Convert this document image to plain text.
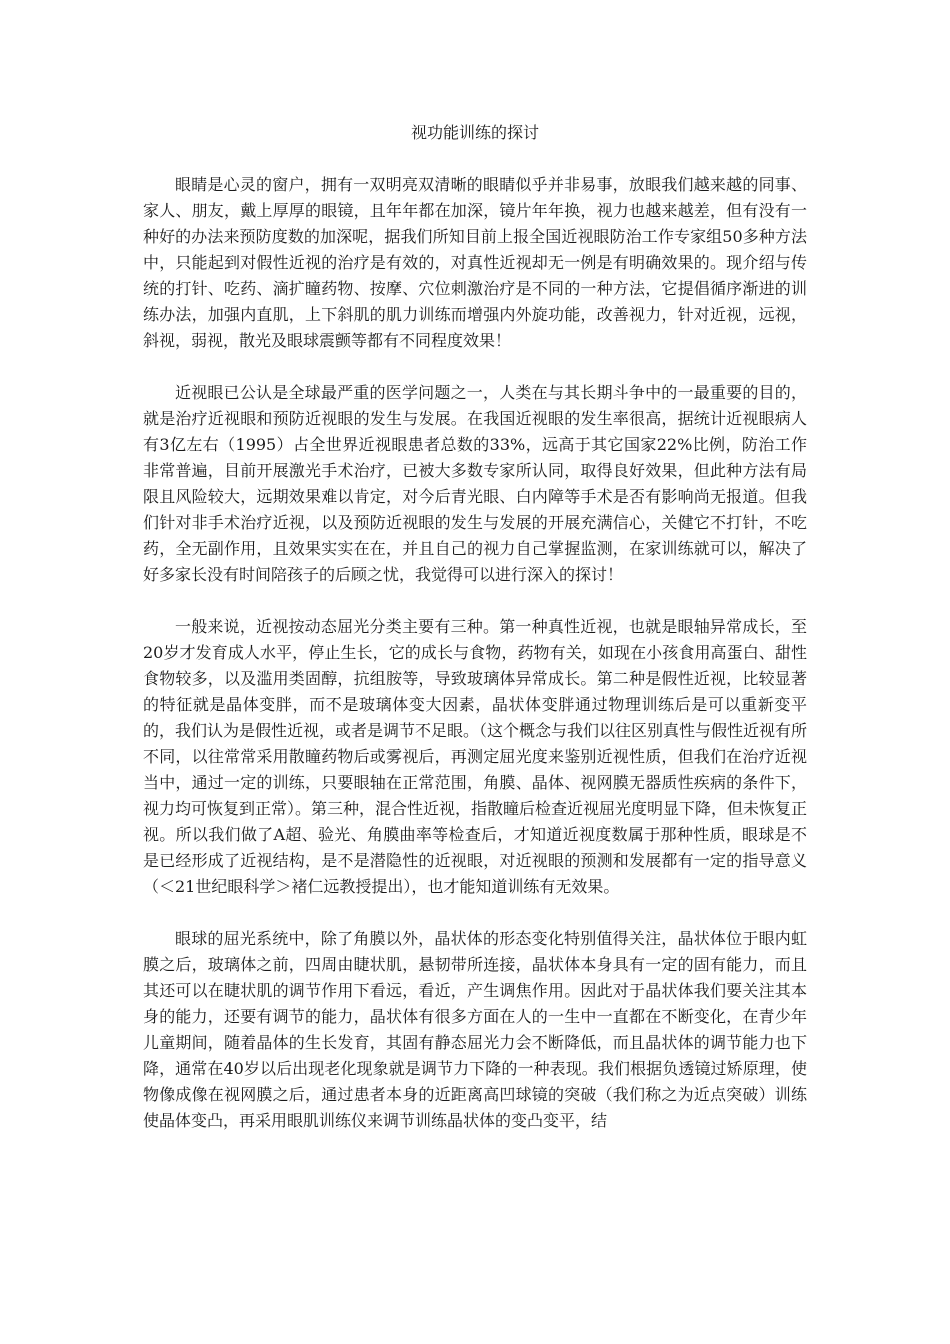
视功能训练的探讨

眼睛是心灵的窗户，拥有一双明亮双清晰的眼睛似乎并非易事，放眼我们越来越的同事、家人、朋友，戴上厚厚的眼镜，且年年都在加深，镜片年年换，视力也越来越差，但有没有一种好的办法来预防度数的加深呢，据我们所知目前上报全国近视眼防治工作专家组50多种方法中，只能起到对假性近视的治疗是有效的，对真性近视却无一例是有明确效果的。现介绍与传统的打针、吃药、滴扩瞳药物、按摩、穴位刺激治疗是不同的一种方法，它提倡循序渐进的训练办法，加强内直肌，上下斜肌的肌力训练而增强内外旋功能，改善视力，针对近视，远视，斜视，弱视，散光及眼球震颤等都有不同程度效果！

近视眼已公认是全球最严重的医学问题之一，人类在与其长期斗争中的一最重要的目的，就是治疗近视眼和预防近视眼的发生与发展。在我国近视眼的发生率很高，据统计近视眼病人有3亿左右（1995）占全世界近视眼患者总数的33%，远高于其它国家22%比例，防治工作非常普遍，目前开展激光手术治疗，已被大多数专家所认同，取得良好效果，但此种方法有局限且风险较大，远期效果难以肯定，对今后青光眼、白内障等手术是否有影响尚无报道。但我们针对非手术治疗近视，以及预防近视眼的发生与发展的开展充满信心，关健它不打针，不吃药，全无副作用，且效果实实在在，并且自己的视力自己掌握监测，在家训练就可以，解决了好多家长没有时间陪孩子的后顾之忧，我觉得可以进行深入的探讨！

一般来说，近视按动态屈光分类主要有三种。第一种真性近视，也就是眼轴异常成长，至20岁才发育成人水平，停止生长，它的成长与食物，药物有关，如现在小孩食用高蛋白、甜性食物较多，以及滥用类固醇，抗组胺等，导致玻璃体异常成长。第二种是假性近视，比较显著的特征就是晶体变胖，而不是玻璃体变大因素，晶状体变胖通过物理训练后是可以重新变平的，我们认为是假性近视，或者是调节不足眼。（这个概念与我们以往区别真性与假性近视有所不同，以往常常采用散瞳药物后或雾视后，再测定屈光度来鉴别近视性质，但我们在治疗近视当中，通过一定的训练，只要眼轴在正常范围，角膜、晶体、视网膜无器质性疾病的条件下，视力均可恢复到正常）。第三种，混合性近视，指散瞳后检查近视屈光度明显下降，但未恢复正视。所以我们做了A超、验光、角膜曲率等检查后，才知道近视度数属于那种性质，眼球是不是已经形成了近视结构，是不是潜隐性的近视眼，对近视眼的预测和发展都有一定的指导意义（＜21世纪眼科学＞褚仁远教授提出），也才能知道训练有无效果。

眼球的屈光系统中，除了角膜以外，晶状体的形态变化特别值得关注，晶状体位于眼内虹膜之后，玻璃体之前，四周由睫状肌，悬韧带所连接，晶状体本身具有一定的固有能力，而且其还可以在睫状肌的调节作用下看远，看近，产生调焦作用。因此对于晶状体我们要关注其本身的能力，还要有调节的能力，晶状体有很多方面在人的一生中一直都在不断变化，在青少年儿童期间，随着晶体的生长发育，其固有静态屈光力会不断降低，而且晶状体的调节能力也下降，通常在40岁以后出现老化现象就是调节力下降的一种表现。我们根据负透镜过矫原理，使物像成像在视网膜之后，通过患者本身的近距离高凹球镜的突破（我们称之为近点突破）训练使晶体变凸，再采用眼肌训练仪来调节训练晶状体的变凸变平，结
